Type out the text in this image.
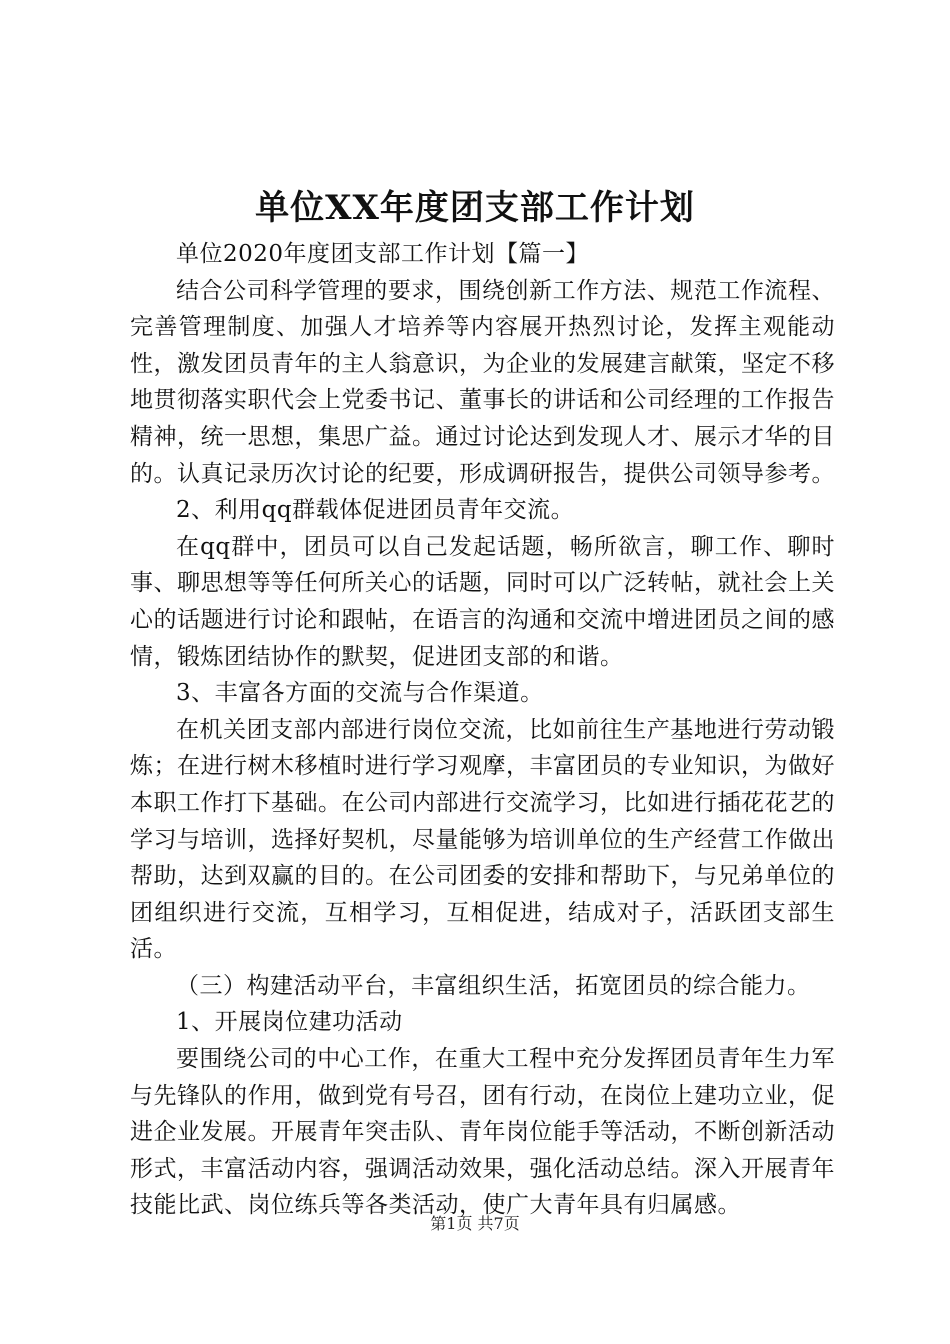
单位XX年度团支部工作计划

单位2020年度团支部工作计划【篇一】

结合公司科学管理的要求，围绕创新工作方法、规范工作流程、完善管理制度、加强人才培养等内容展开热烈讨论，发挥主观能动性，激发团员青年的主人翁意识，为企业的发展建言献策，坚定不移地贯彻落实职代会上党委书记、董事长的讲话和公司经理的工作报告精神，统一思想，集思广益。通过讨论达到发现人才、展示才华的目的。认真记录历次讨论的纪要，形成调研报告，提供公司领导参考。

2、利用qq群载体促进团员青年交流。

在qq群中，团员可以自己发起话题，畅所欲言，聊工作、聊时事、聊思想等等任何所关心的话题，同时可以广泛转帖，就社会上关心的话题进行讨论和跟帖，在语言的沟通和交流中增进团员之间的感情，锻炼团结协作的默契，促进团支部的和谐。

3、丰富各方面的交流与合作渠道。

在机关团支部内部进行岗位交流，比如前往生产基地进行劳动锻炼；在进行树木移植时进行学习观摩，丰富团员的专业知识，为做好本职工作打下基础。在公司内部进行交流学习，比如进行插花花艺的学习与培训，选择好契机，尽量能够为培训单位的生产经营工作做出帮助，达到双赢的目的。在公司团委的安排和帮助下，与兄弟单位的团组织进行交流，互相学习，互相促进，结成对子，活跃团支部生活。

（三）构建活动平台，丰富组织生活，拓宽团员的综合能力。

1、开展岗位建功活动

要围绕公司的中心工作，在重大工程中充分发挥团员青年生力军与先锋队的作用，做到党有号召，团有行动，在岗位上建功立业，促进企业发展。开展青年突击队、青年岗位能手等活动，不断创新活动形式，丰富活动内容，强调活动效果，强化活动总结。深入开展青年技能比武、岗位练兵等各类活动，使广大青年具有归属感。

第1页 共7页
